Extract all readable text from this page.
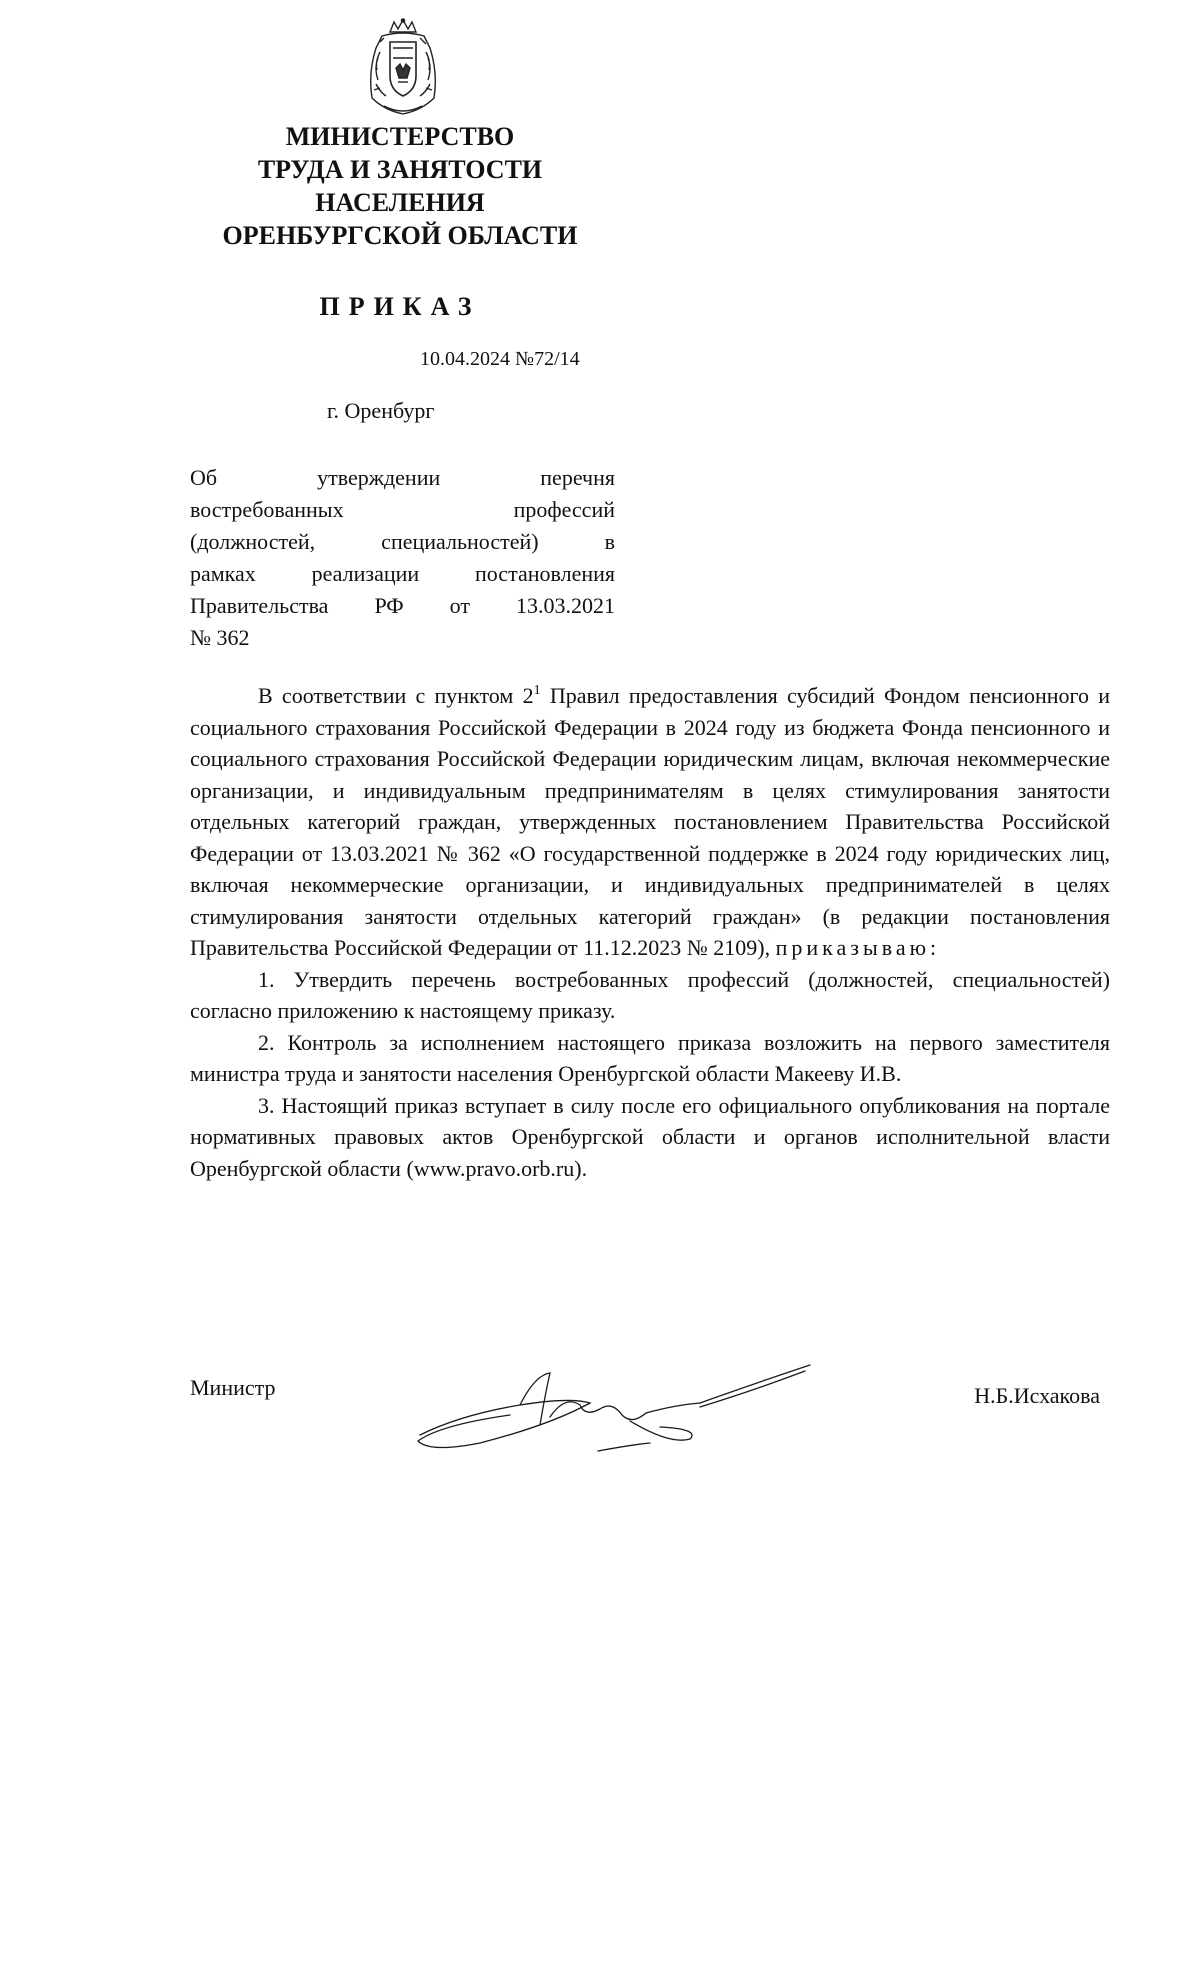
МИНИСТЕРСТВО
ТРУДА И ЗАНЯТОСТИ
НАСЕЛЕНИЯ
ОРЕНБУРГСКОЙ ОБЛАСТИ
ПРИКАЗ
10.04.2024 №72/14
г. Оренбург
Об утверждении перечня
востребованных профессий
(должностей, специальностей) в
рамках реализации постановления
Правительства РФ от 13.03.2021
№ 362

В соответствии с пунктом $2^1$ Правил предоставления субсидий Фондом пенсионного и социального страхования Российской Федерации в 2024 году из бюджета Фонда пенсионного и социального страхования Российской Федерации юридическим лицам, включая некоммерческие организации, и индивидуальным предпринимателям в целях стимулирования занятости отдельных категорий граждан, утвержденных постановлением Правительства Российской Федерации от 13.03.2021 № 362 «О государственной поддержке в 2024 году юридических лиц, включая некоммерческие организации, и индивидуальных предпринимателей в целях стимулирования занятости отдельных категорий граждан» (в редакции постановления Правительства Российской Федерации от 11.12.2023 № 2109), приказываю:

1. Утвердить перечень востребованных профессий (должностей, специальностей) согласно приложению к настоящему приказу.

2. Контроль за исполнением настоящего приказа возложить на первого заместителя министра труда и занятости населения Оренбургской области Макееву И.В.

3. Настоящий приказ вступает в силу после его официального опубликования на портале нормативных правовых актов Оренбургской области и органов исполнительной власти Оренбургской области (www.pravo.orb.ru).

Министр	Н.Б.Исхакова
